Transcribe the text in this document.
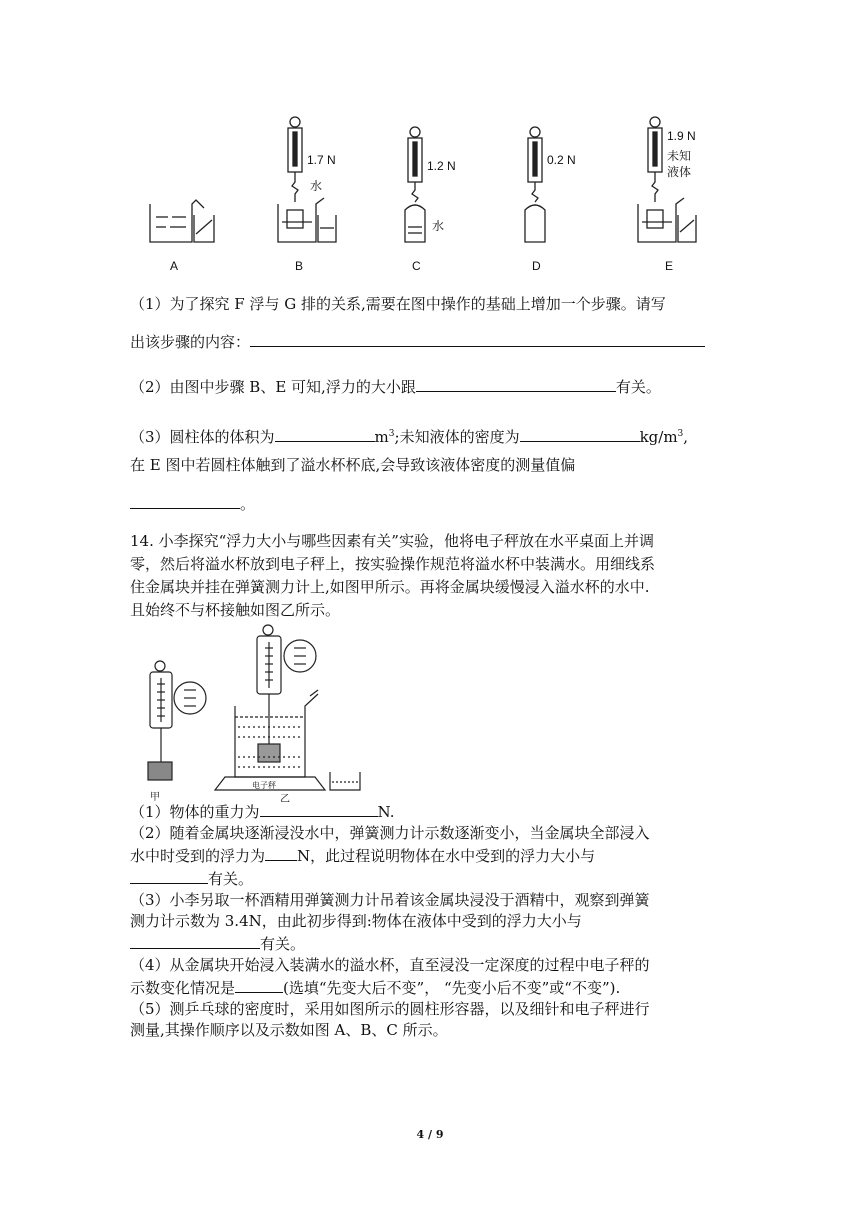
A	B	C	D	E
1.7 N	1.2 N	0.2 N
1.9 N
水
水
未知
液体
（1）为了探究 F 浮与 G 排的关系,需要在图中操作的基础上增加一个步骤。请写
出该步骤的内容：
（2）由图中步骤 B、E 可知,浮力的大小跟	有关。
（3）圆柱体的体积为	$m^3$;未知液体的密度为	$kg/m^3$,
在 E 图中若圆柱体触到了溢水杯杯底,会导致该液体密度的测量值偏
。
14. 小李探究“浮力大小与哪些因素有关”实验，他将电子秤放在水平桌面上并调
零，然后将溢水杯放到电子秤上，按实验操作规范将溢水杯中装满水。用细线系
住金属块并挂在弹簧测力计上,如图甲所示。再将金属块缓慢浸入溢水杯的水中.
且始终不与杯接触如图乙所示。
甲	乙
电子秤
（1）物体的重力为	N.
（2）随着金属块逐渐浸没水中，弹簧测力计示数逐渐变小，当金属块全部浸入
水中时受到的浮力为 N，此过程说明物体在水中受到的浮力大小与
有关。
（3）小李另取一杯酒精用弹簧测力计吊着该金属块浸没于酒精中，观察到弹簧
测力计示数为 3.4N，由此初步得到:物体在液体中受到的浮力大小与
有关。
（4）从金属块开始浸入装满水的溢水杯，直至浸没一定深度的过程中电子秤的
示数变化情况是	(选填“先变大后不变”， “先变小后不变”或“不变”).
（5）测乒乓球的密度时，采用如图所示的圆柱形容器，以及细针和电子秤进行
测量,其操作顺序以及示数如图 A、B、C 所示。
4 / 9
